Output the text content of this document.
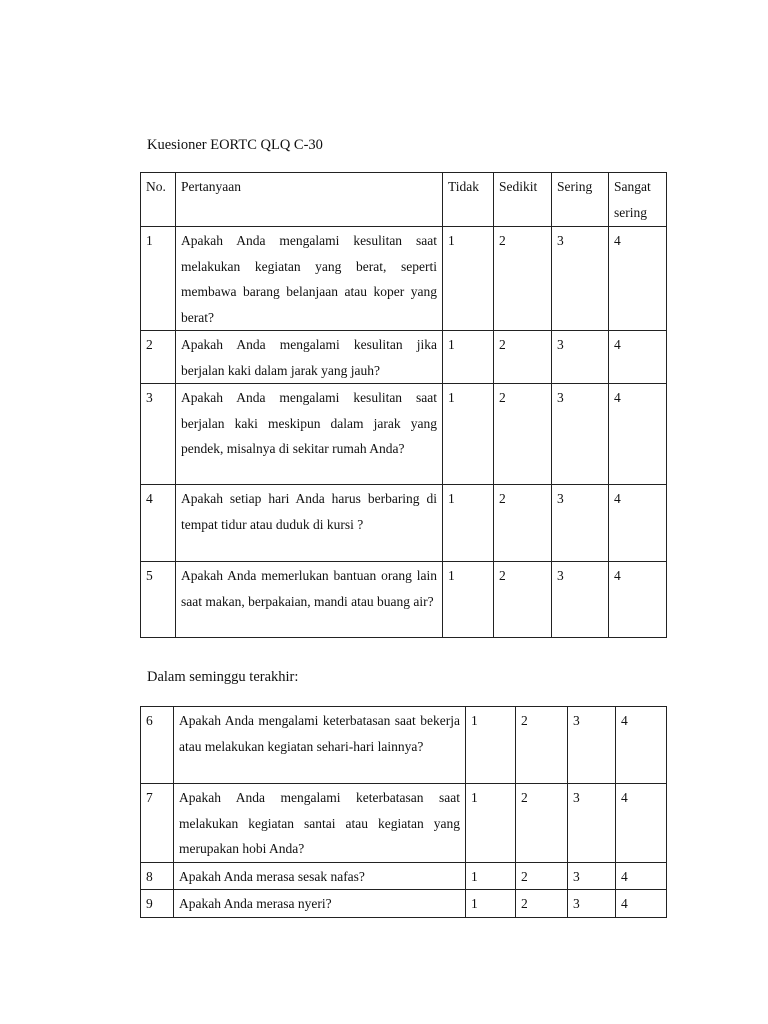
Kuesioner EORTC QLQ C-30
No.	Pertanyaan	Tidak	Sedikit	Sering	Sangat sering
1	Apakah Anda mengalami kesulitan saat melakukan kegiatan yang berat, seperti membawa barang belanjaan atau koper yang berat?	1	2	3	4
2	Apakah Anda mengalami kesulitan jika berjalan kaki dalam jarak yang jauh?	1	2	3	4
3	Apakah Anda mengalami kesulitan saat berjalan kaki meskipun dalam jarak yang pendek, misalnya di sekitar rumah Anda?	1	2	3	4
4	Apakah setiap hari Anda harus berbaring di tempat tidur atau duduk di kursi ?	1	2	3	4
5	Apakah Anda memerlukan bantuan orang lain saat makan, berpakaian, mandi atau buang air?	1	2	3	4
Dalam seminggu terakhir:
6	Apakah Anda mengalami keterbatasan saat bekerja atau melakukan kegiatan sehari-hari lainnya?	1	2	3	4
7	Apakah Anda mengalami keterbatasan saat melakukan kegiatan santai atau kegiatan yang merupakan hobi Anda?	1	2	3	4
8	Apakah Anda merasa sesak nafas?	1	2	3	4
9	Apakah Anda merasa nyeri?	1	2	3	4
